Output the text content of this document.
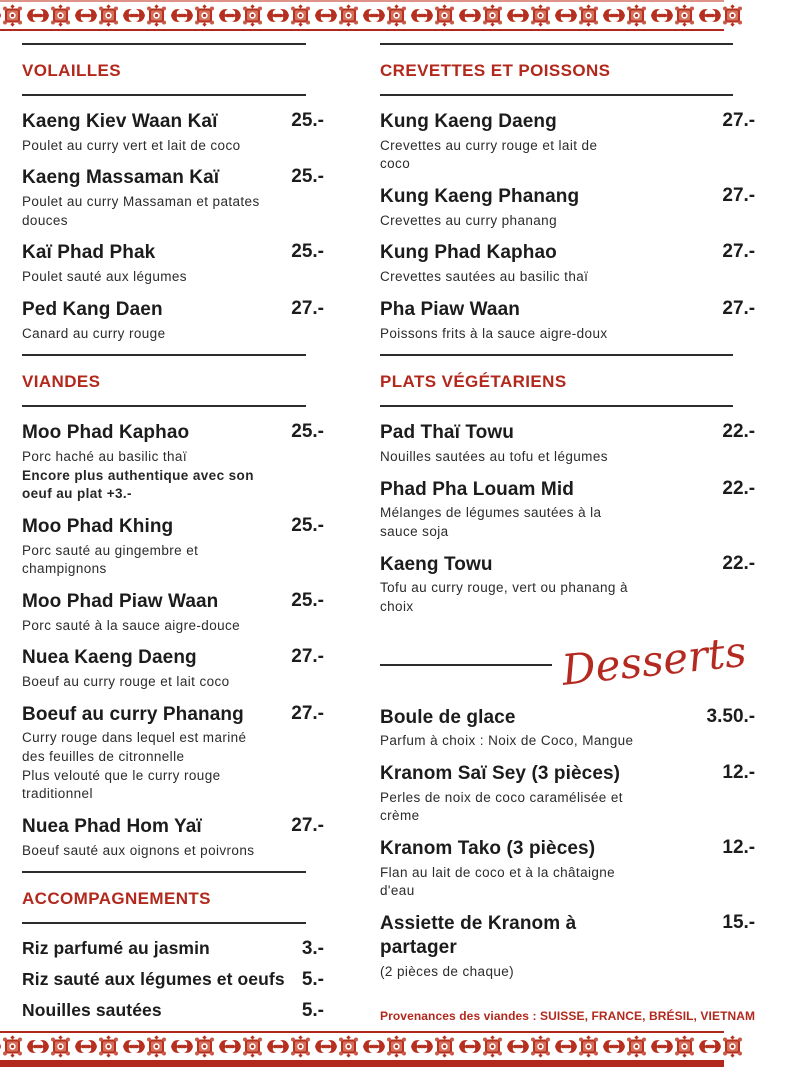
VOLAILLES
Kaeng Kiev Waan Kaï	25.-
Poulet au curry vert et lait de coco
Kaeng Massaman Kaï	25.-
Poulet au curry Massaman et patates
douces
Kaï Phad Phak	25.-
Poulet sauté aux légumes
Ped Kang Daen	27.-
Canard au curry rouge
VIANDES
Moo Phad Kaphao	25.-
Porc haché au basilic thaï
Encore plus authentique avec son
oeuf au plat +3.-
Moo Phad Khing	25.-
Porc sauté au gingembre et
champignons
Moo Phad Piaw Waan	25.-
Porc sauté à la sauce aigre-douce
Nuea Kaeng Daeng	27.-
Boeuf au curry rouge et lait coco
Boeuf au curry Phanang 27.-
Curry rouge dans lequel est mariné
des feuilles de citronnelle
Plus velouté que le curry rouge
traditionnel
Nuea Phad Hom Yaï	27.-
Boeuf sauté aux oignons et poivrons
ACCOMPAGNEMENTS
Riz parfumé au jasmin	3.-
Riz sauté aux légumes et oeufs 5.-
Nouilles sautées	5.-
CREVETTES ET POISSONS
Kung Kaeng Daeng	27.-
Crevettes au curry rouge et lait de
coco
Kung Kaeng Phanang	27.-
Crevettes au curry phanang
Kung Phad Kaphao	27.-
Crevettes sautées au basilic thaï
Pha Piaw Waan	27.-
Poissons frits à la sauce aigre-doux
PLATS VÉGÉTARIENS
Pad Thaï Towu	22.-
Nouilles sautées au tofu et légumes
Phad Pha Louam Mid	22.-
Mélanges de légumes sautées à la
sauce soja
Kaeng Towu	22.-
Tofu au curry rouge, vert ou phanang à
choix
Desserts
Boule de glace	3.50.-
Parfum à choix : Noix de Coco, Mangue
Kranom Saï Sey (3 pièces)	12.-
Perles de noix de coco caramélisée et
crème
Kranom Tako (3 pièces)	12.-
Flan au lait de coco et à la châtaigne
d'eau
Assiette de Kranom à partager
15.-
(2 pièces de chaque)
Provenances des viandes : SUISSE, FRANCE, BRÉSIL, VIETNAM
